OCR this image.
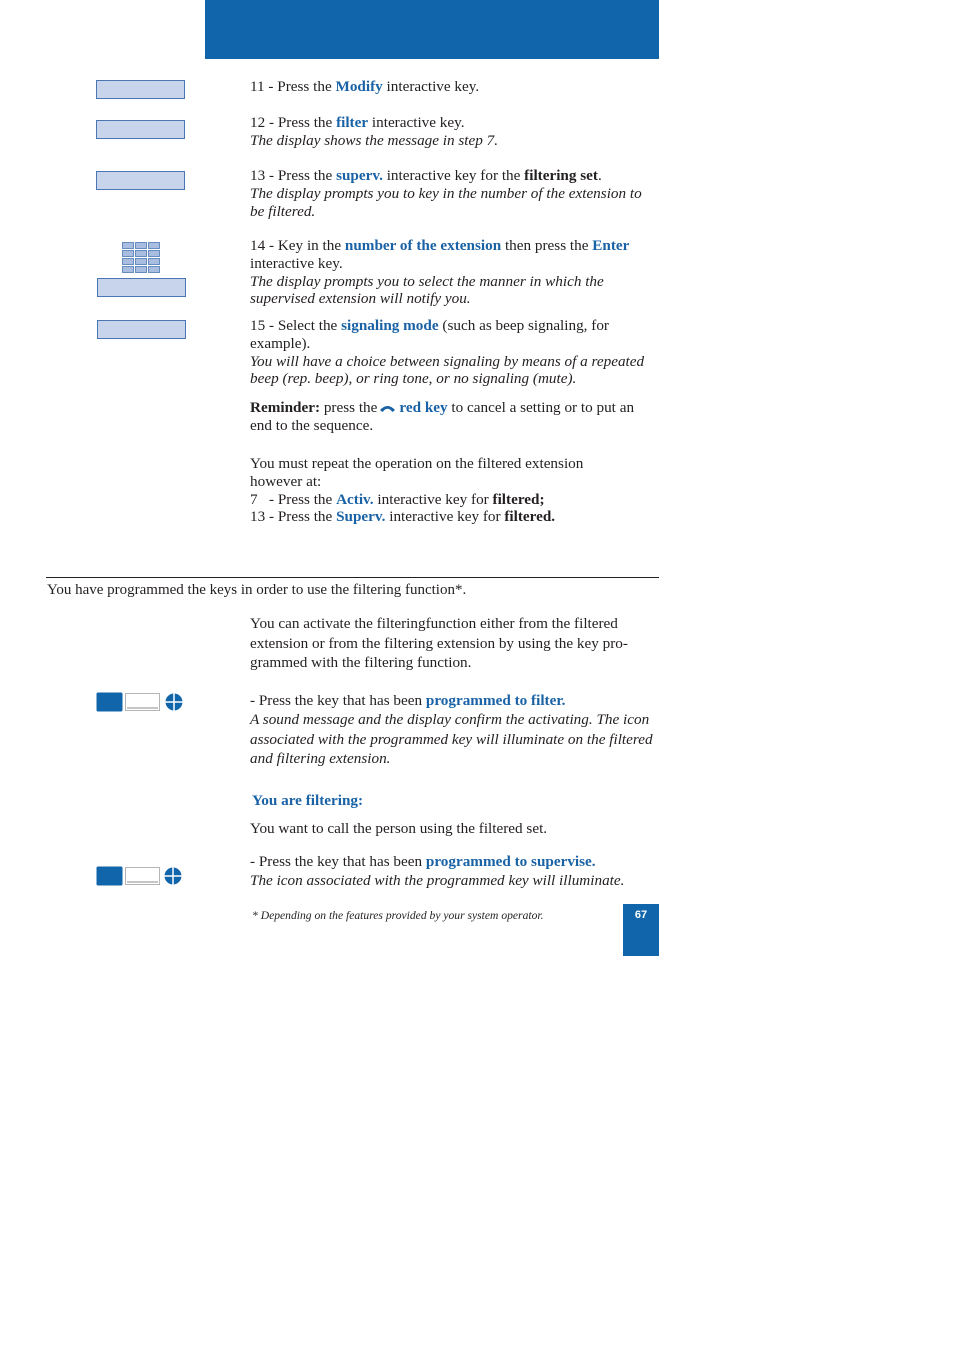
11 - Press the Modify interactive key.

12 - Press the filter interactive key.
The display shows the message in step 7.

13 - Press the superv. interactive key for the filtering set.
The display prompts you to key in the number of the extension to be filtered.

14 - Key in the number of the extension then press the Enter interactive key.
The display prompts you to select the manner in which the supervised extension will notify you.

15 - Select the signaling mode (such as beep signaling, for example).
You will have a choice between signaling by means of a repeated beep (rep. beep), or ring tone, or no signaling (mute).

Reminder: press the red key to cancel a setting or to put an end to the sequence.

You must repeat the operation on the filtered extension however at:
7   - Press the Activ. interactive key for filtered;
13 - Press the Superv. interactive key for filtered.

You have programmed the keys in order to use the filtering function*.

You can activate the filteringfunction either from the filtered extension or from the filtering extension by using the key pro-grammed with the filtering function.

- Press the key that has been programmed to filter.
A sound message and the display confirm the activating. The icon associated with the programmed key will illuminate on the filtered and filtering extension.

You are filtering:

You want to call the person using the filtered set.

- Press the key that has been programmed to supervise.
The icon associated with the programmed key will illuminate.

* Depending on the features provided by your system operator.	67
